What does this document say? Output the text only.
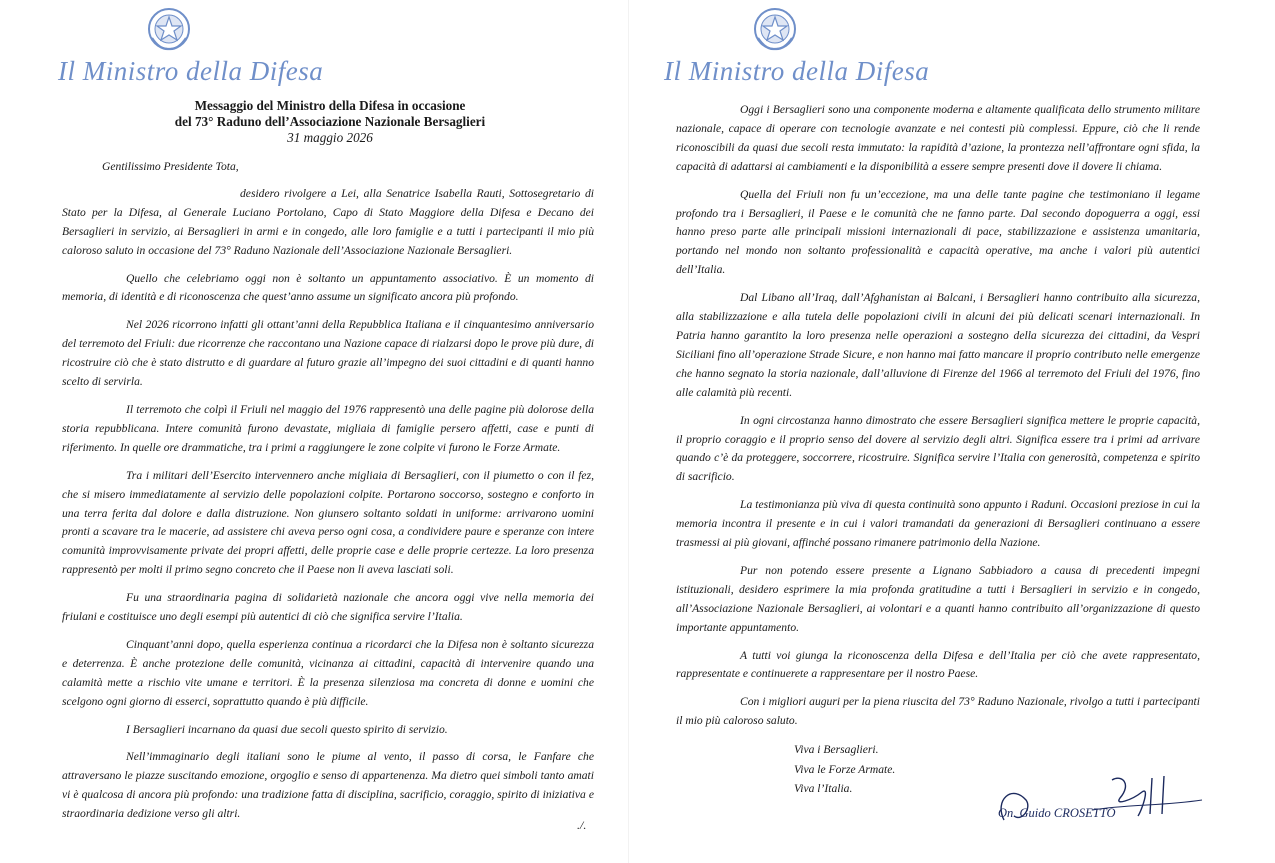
Il Ministro della Difesa
Messaggio del Ministro della Difesa in occasione
del 73° Raduno dell’Associazione Nazionale Bersaglieri
31 maggio 2026

Gentilissimo Presidente Tota,

desidero rivolgere a Lei, alla Senatrice Isabella Rauti, Sottosegretario di Stato per la Difesa, al Generale Luciano Portolano, Capo di Stato Maggiore della Difesa e Decano dei Bersaglieri in servizio, ai Bersaglieri in armi e in congedo, alle loro famiglie e a tutti i partecipanti il mio più caloroso saluto in occasione del 73° Raduno Nazionale dell’Associazione Nazionale Bersaglieri.

Quello che celebriamo oggi non è soltanto un appuntamento associativo. È un momento di memoria, di identità e di riconoscenza che quest’anno assume un significato ancora più profondo.

Nel 2026 ricorrono infatti gli ottant’anni della Repubblica Italiana e il cinquantesimo anniversario del terremoto del Friuli: due ricorrenze che raccontano una Nazione capace di rialzarsi dopo le prove più dure, di ricostruire ciò che è stato distrutto e di guardare al futuro grazie all’impegno dei suoi cittadini e di quanti hanno scelto di servirla.

Il terremoto che colpì il Friuli nel maggio del 1976 rappresentò una delle pagine più dolorose della storia repubblicana. Intere comunità furono devastate, migliaia di famiglie persero affetti, case e punti di riferimento. In quelle ore drammatiche, tra i primi a raggiungere le zone colpite vi furono le Forze Armate.

Tra i militari dell’Esercito intervennero anche migliaia di Bersaglieri, con il piumetto o con il fez, che si misero immediatamente al servizio delle popolazioni colpite. Portarono soccorso, sostegno e conforto in una terra ferita dal dolore e dalla distruzione. Non giunsero soltanto soldati in uniforme: arrivarono uomini pronti a scavare tra le macerie, ad assistere chi aveva perso ogni cosa, a condividere paure e speranze con intere comunità improvvisamente private dei propri affetti, delle proprie case e delle proprie certezze. La loro presenza rappresentò per molti il primo segno concreto che il Paese non li aveva lasciati soli.

Fu una straordinaria pagina di solidarietà nazionale che ancora oggi vive nella memoria dei friulani e costituisce uno degli esempi più autentici di ciò che significa servire l’Italia.

Cinquant’anni dopo, quella esperienza continua a ricordarci che la Difesa non è soltanto sicurezza e deterrenza. È anche protezione delle comunità, vicinanza ai cittadini, capacità di intervenire quando una calamità mette a rischio vite umane e territori. È la presenza silenziosa ma concreta di donne e uomini che scelgono ogni giorno di esserci, soprattutto quando è più difficile.

I Bersaglieri incarnano da quasi due secoli questo spirito di servizio.

Nell’immaginario degli italiani sono le piume al vento, il passo di corsa, le Fanfare che attraversano le piazze suscitando emozione, orgoglio e senso di appartenenza. Ma dietro quei simboli tanto amati vi è qualcosa di ancora più profondo: una tradizione fatta di disciplina, sacrificio, coraggio, spirito di iniziativa e straordinaria dedizione verso gli altri.

./.
Il Ministro della Difesa

Oggi i Bersaglieri sono una componente moderna e altamente qualificata dello strumento militare nazionale, capace di operare con tecnologie avanzate e nei contesti più complessi. Eppure, ciò che li rende riconoscibili da quasi due secoli resta immutato: la rapidità d’azione, la prontezza nell’affrontare ogni sfida, la capacità di adattarsi ai cambiamenti e la disponibilità a essere sempre presenti dove il dovere li chiama.

Quella del Friuli non fu un’eccezione, ma una delle tante pagine che testimoniano il legame profondo tra i Bersaglieri, il Paese e le comunità che ne fanno parte. Dal secondo dopoguerra a oggi, essi hanno preso parte alle principali missioni internazionali di pace, stabilizzazione e assistenza umanitaria, portando nel mondo non soltanto professionalità e capacità operative, ma anche i valori più autentici dell’Italia.

Dal Libano all’Iraq, dall’Afghanistan ai Balcani, i Bersaglieri hanno contribuito alla sicurezza, alla stabilizzazione e alla tutela delle popolazioni civili in alcuni dei più delicati scenari internazionali. In Patria hanno garantito la loro presenza nelle operazioni a sostegno della sicurezza dei cittadini, da Vespri Siciliani fino all’operazione Strade Sicure, e non hanno mai fatto mancare il proprio contributo nelle emergenze che hanno segnato la storia nazionale, dall’alluvione di Firenze del 1966 al terremoto del Friuli del 1976, fino alle calamità più recenti.

In ogni circostanza hanno dimostrato che essere Bersaglieri significa mettere le proprie capacità, il proprio coraggio e il proprio senso del dovere al servizio degli altri. Significa essere tra i primi ad arrivare quando c’è da proteggere, soccorrere, ricostruire. Significa servire l’Italia con generosità, competenza e spirito di sacrificio.

La testimonianza più viva di questa continuità sono appunto i Raduni. Occasioni preziose in cui la memoria incontra il presente e in cui i valori tramandati da generazioni di Bersaglieri continuano a essere trasmessi ai più giovani, affinché possano rimanere patrimonio della Nazione.

Pur non potendo essere presente a Lignano Sabbiadoro a causa di precedenti impegni istituzionali, desidero esprimere la mia profonda gratitudine a tutti i Bersaglieri in servizio e in congedo, all’Associazione Nazionale Bersaglieri, ai volontari e a quanti hanno contribuito all’organizzazione di questo importante appuntamento.

A tutti voi giunga la riconoscenza della Difesa e dell’Italia per ciò che avete rappresentato, rappresentate e continuerete a rappresentare per il nostro Paese.

Con i migliori auguri per la piena riuscita del 73° Raduno Nazionale, rivolgo a tutti i partecipanti il mio più caloroso saluto.

Viva i Bersaglieri.
Viva le Forze Armate.
Viva l’Italia.
On. Guido CROSETTO
